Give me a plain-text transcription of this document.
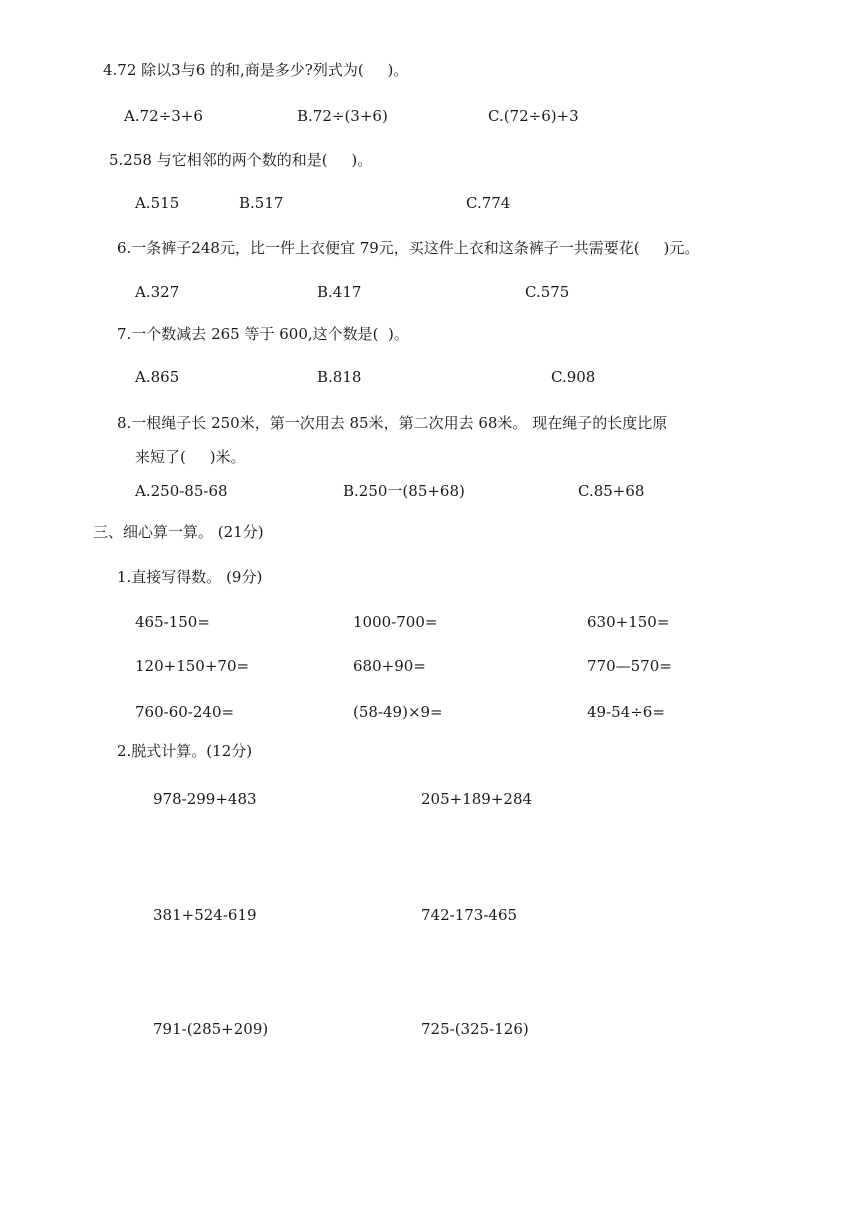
4.72 除以3与6 的和,商是多少?列式为(     )。
A.72÷3+6	B.72÷(3+6)	C.(72÷6)+3
5.258 与它相邻的两个数的和是(     )。
A.515	B.517	C.774
6.一条裤子248元，比一件上衣便宜 79元，买这件上衣和这条裤子一共需要花(     )元。
A.327	B.417	C.575
7.一个数减去 265 等于 600,这个数是(  )。
A.865	B.818	C.908
8.一根绳子长 250米，第一次用去 85米，第二次用去 68米。 现在绳子的长度比原
来短了(     )米。
A.250-85-68	B.250一(85+68)	C.85+68
三、细心算一算。 (21分)
1.直接写得数。 (9分)
465-150=	1000-700=	630+150=
120+150+70=	680+90=	770—570=
760-60-240=	(58-49)×9=	49-54÷6=
2.脱式计算。(12分)
978-299+483	205+189+284
381+524-619	742-173-465
791-(285+209)	725-(325-126)
